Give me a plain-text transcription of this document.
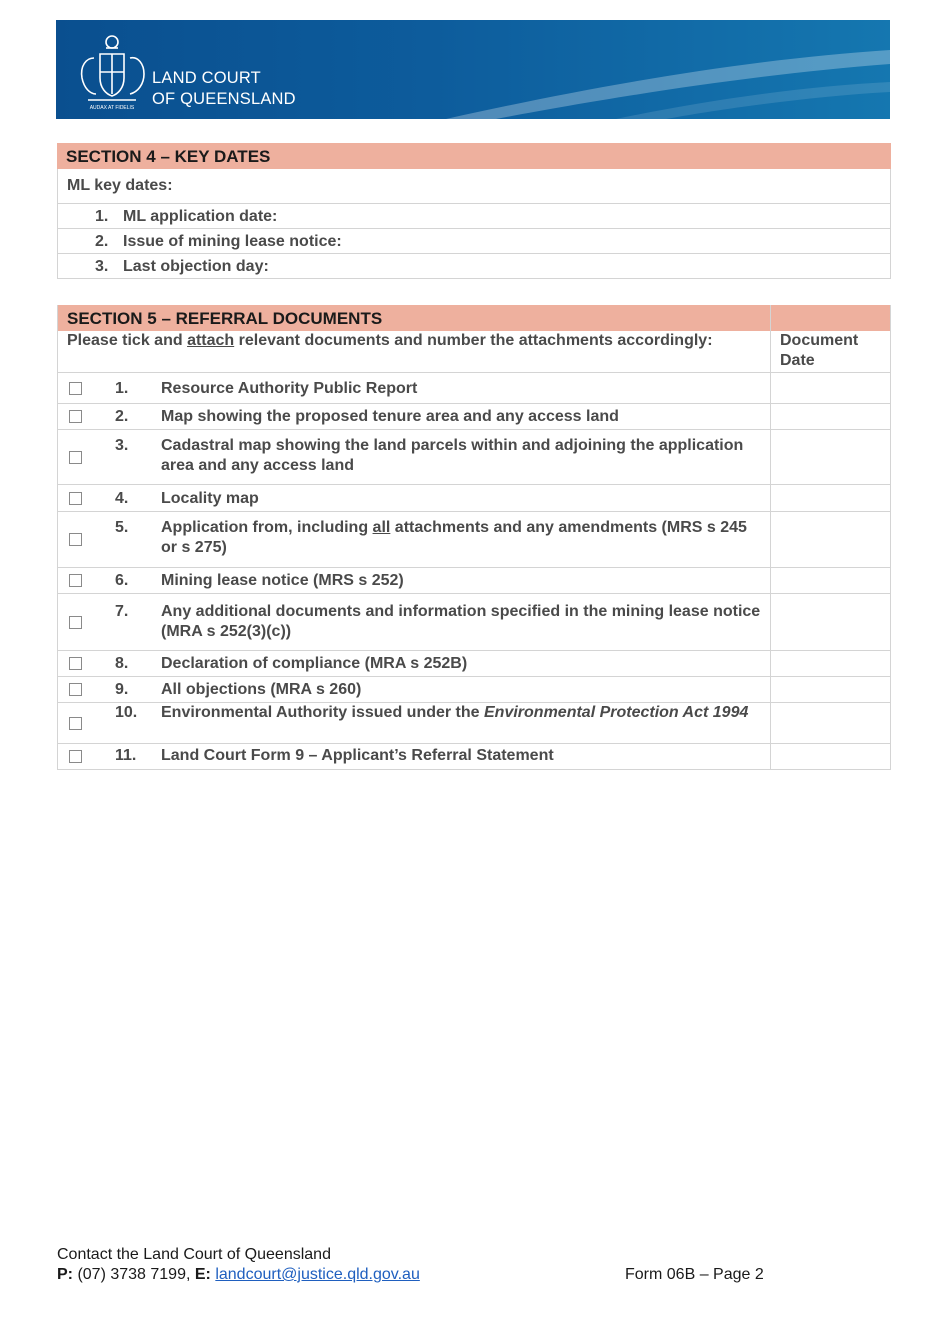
AUDAX AT FIDELIS
LAND COURT
OF QUEENSLAND
SECTION 4 – KEY DATES
ML key dates:
1. ML application date:
2. Issue of mining lease notice:
3. Last objection day:
SECTION 5 – REFERRAL DOCUMENTS
Please tick and attach relevant documents and number the attachments accordingly:	Document
Date
1. Resource Authority Public Report
2. Map showing the proposed tenure area and any access land
3. Cadastral map showing the land parcels within and adjoining the application area and any access land
4. Locality map
5. Application from, including all attachments and any amendments (MRS s 245 or s 275)
6. Mining lease notice (MRS s 252)
7. Any additional documents and information specified in the mining lease notice (MRA s 252(3)(c))
8. Declaration of compliance (MRA s 252B)
9. All objections (MRA s 260)
10. Environmental Authority issued under the Environmental Protection Act 1994
11. Land Court Form 9 – Applicant’s Referral Statement
Contact the Land Court of Queensland
P: (07) 3738 7199, E: landcourt@justice.qld.gov.au	Form 06B – Page 2
